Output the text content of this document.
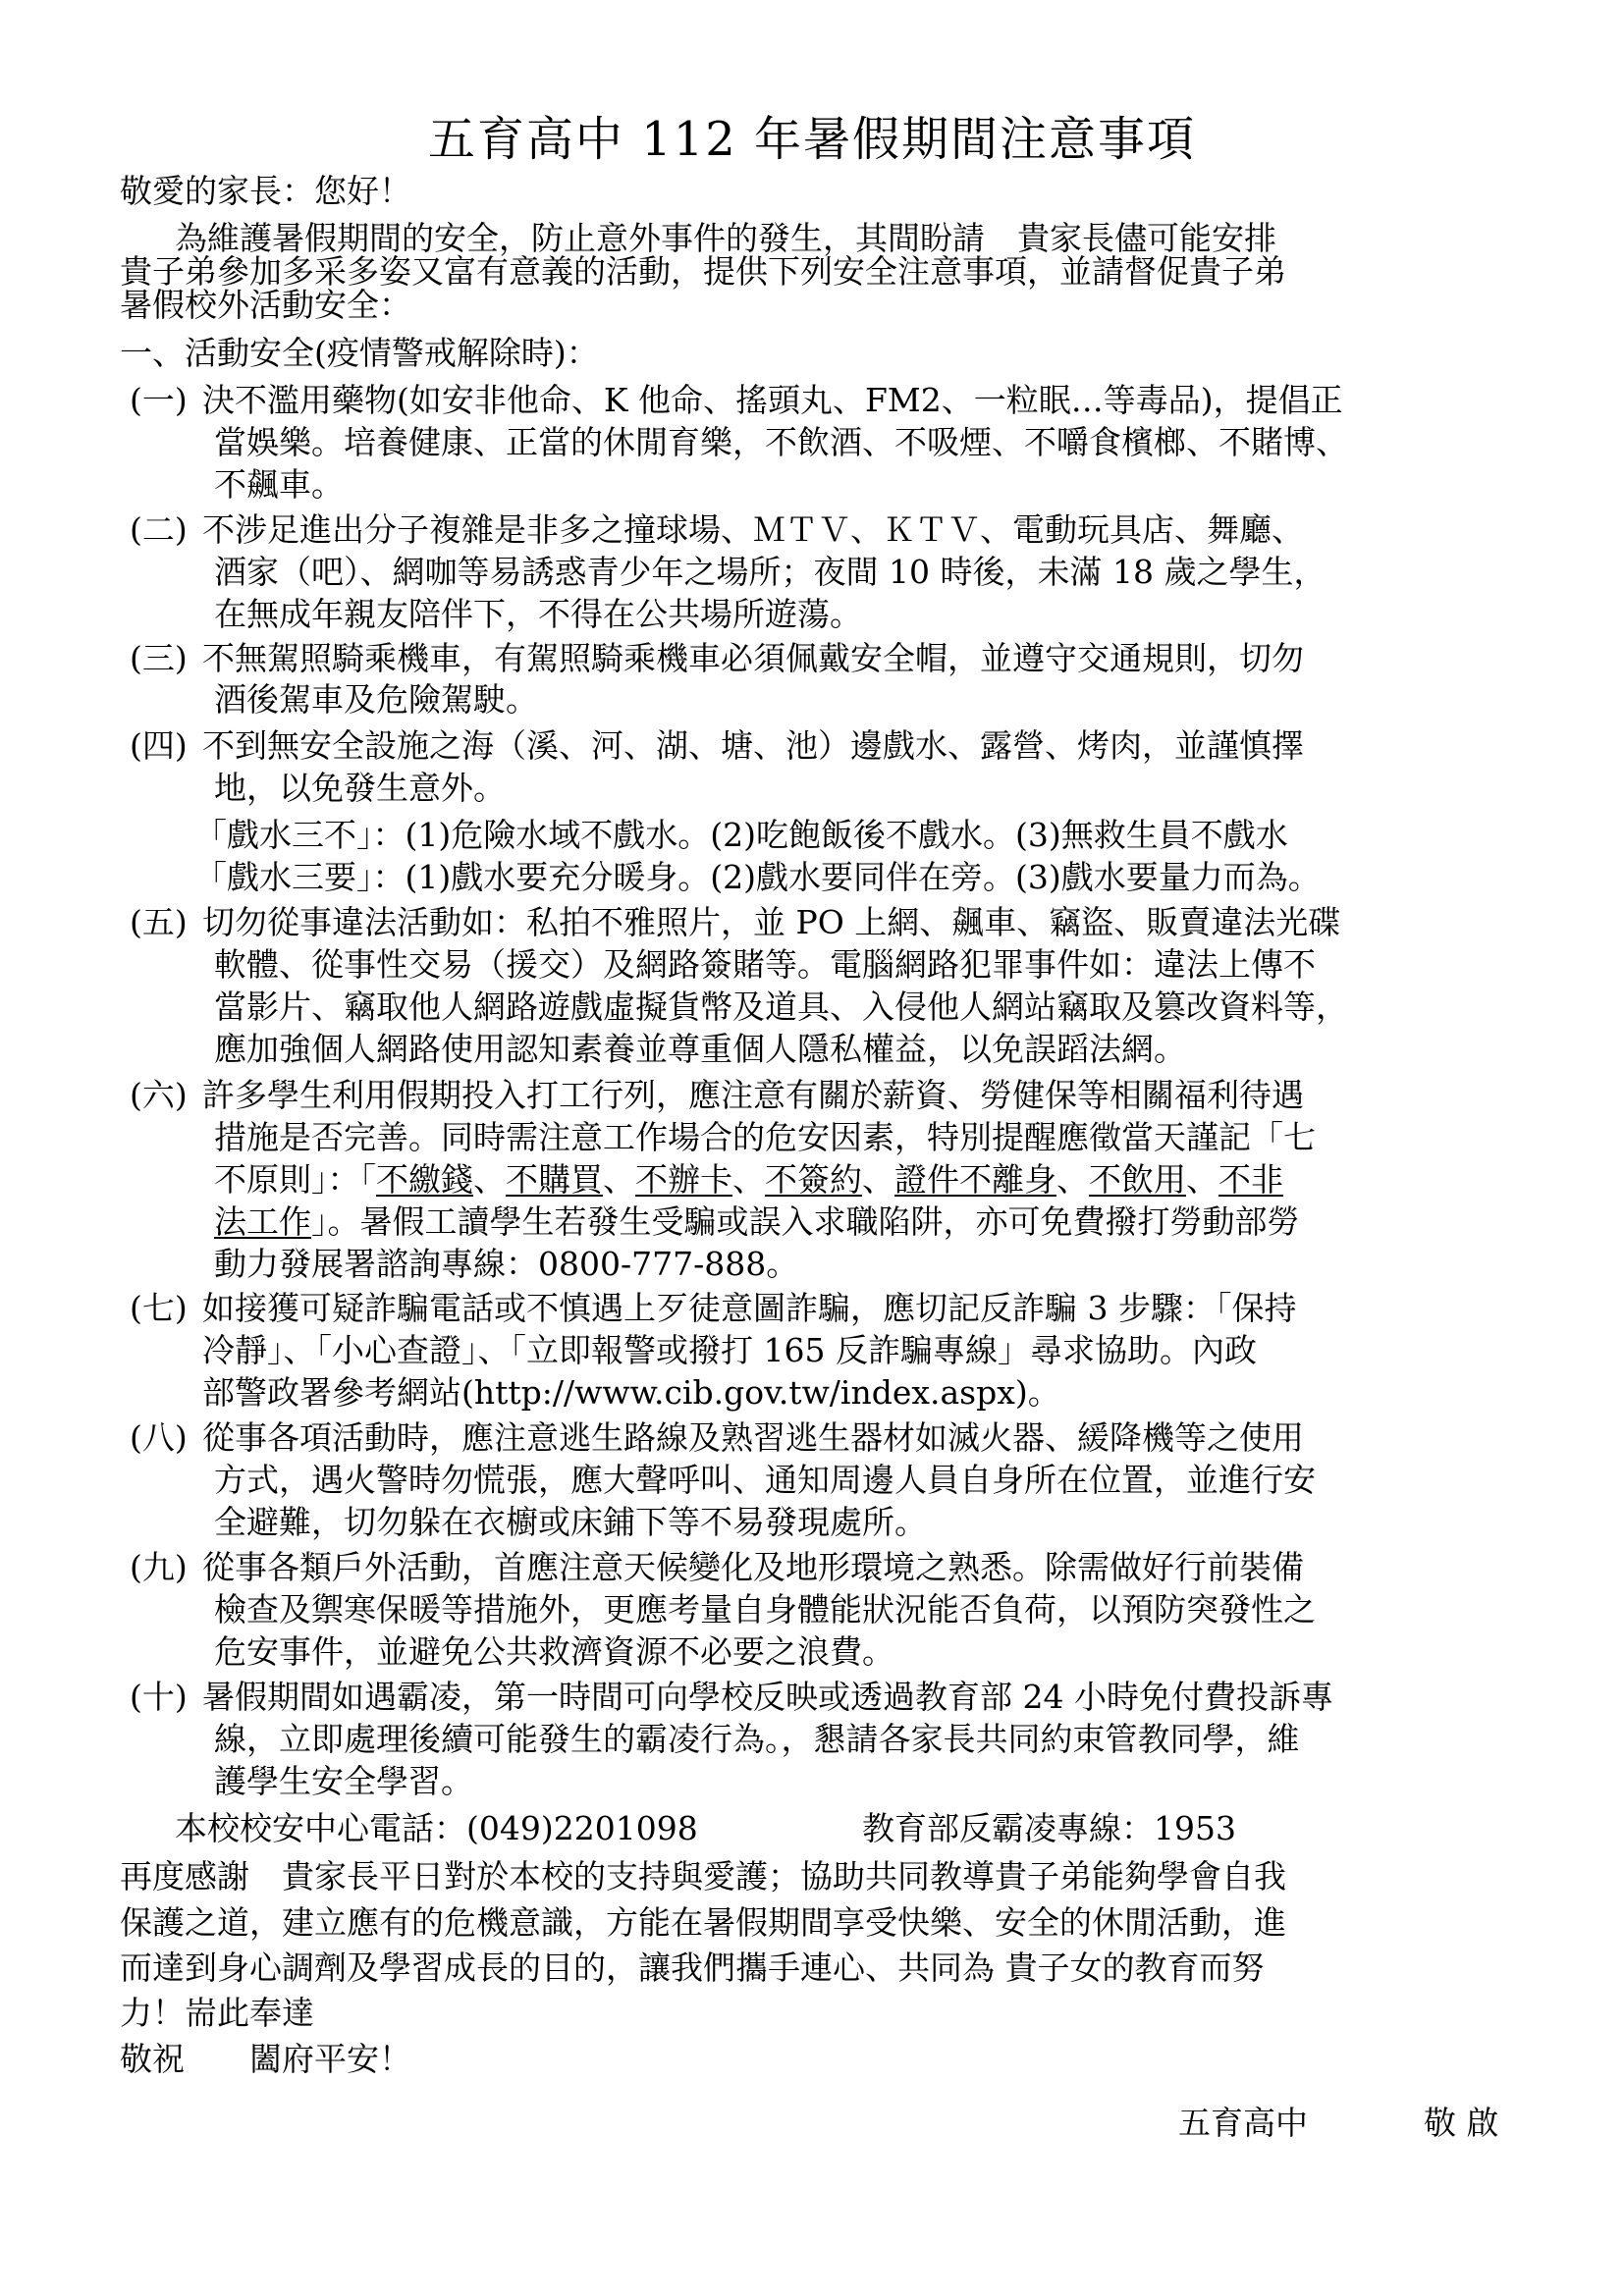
五育高中 112 年暑假期間注意事項
敬愛的家長：您好！
為維護暑假期間的安全，防止意外事件的發生，其間盼請　貴家長儘可能安排
貴子弟參加多采多姿又富有意義的活動，提供下列安全注意事項，並請督促貴子弟
暑假校外活動安全：
一、活動安全(疫情警戒解除時)：
(一) 決不濫用藥物(如安非他命、K 他命、搖頭丸、FM2、一粒眠…等毒品)，提倡正
當娛樂。培養健康、正當的休閒育樂，不飲酒、不吸煙、不嚼食檳榔、不賭博、
不飆車。
(二) 不涉足進出分子複雜是非多之撞球場、ＭＴＶ、ＫＴＶ、電動玩具店、舞廳、
酒家（吧）、網咖等易誘惑青少年之場所；夜間 10 時後，未滿 18 歲之學生，
在無成年親友陪伴下，不得在公共場所遊蕩。
(三) 不無駕照騎乘機車，有駕照騎乘機車必須佩戴安全帽，並遵守交通規則，切勿
酒後駕車及危險駕駛。
(四) 不到無安全設施之海（溪、河、湖、塘、池）邊戲水、露營、烤肉，並謹慎擇
地，以免發生意外。
「戲水三不」：(1)危險水域不戲水。(2)吃飽飯後不戲水。(3)無救生員不戲水
「戲水三要」：(1)戲水要充分暖身。(2)戲水要同伴在旁。(3)戲水要量力而為。
(五) 切勿從事違法活動如：私拍不雅照片，並 PO 上網、飆車、竊盜、販賣違法光碟
軟體、從事性交易（援交）及網路簽賭等。電腦網路犯罪事件如：違法上傳不
當影片、竊取他人網路遊戲虛擬貨幣及道具、入侵他人網站竊取及篡改資料等，
應加強個人網路使用認知素養並尊重個人隱私權益，以免誤蹈法網。
(六) 許多學生利用假期投入打工行列，應注意有關於薪資、勞健保等相關福利待遇
措施是否完善。同時需注意工作場合的危安因素，特別提醒應徵當天謹記「七
不原則」：「不繳錢、不購買、不辦卡、不簽約、證件不離身、不飲用、不非
法工作」。暑假工讀學生若發生受騙或誤入求職陷阱，亦可免費撥打勞動部勞
動力發展署諮詢專線：0800-777-888。
(七) 如接獲可疑詐騙電話或不慎遇上歹徒意圖詐騙，應切記反詐騙 3 步驟：「保持
冷靜」、「小心查證」、「立即報警或撥打 165 反詐騙專線」尋求協助。內政
部警政署參考網站(http://www.cib.gov.tw/index.aspx)。
(八) 從事各項活動時，應注意逃生路線及熟習逃生器材如滅火器、緩降機等之使用
方式，遇火警時勿慌張，應大聲呼叫、通知周邊人員自身所在位置，並進行安
全避難，切勿躲在衣櫥或床鋪下等不易發現處所。
(九) 從事各類戶外活動，首應注意天候變化及地形環境之熟悉。除需做好行前裝備
檢查及禦寒保暖等措施外，更應考量自身體能狀況能否負荷，以預防突發性之
危安事件，並避免公共救濟資源不必要之浪費。
(十) 暑假期間如遇霸凌，第一時間可向學校反映或透過教育部 24 小時免付費投訴專
線，立即處理後續可能發生的霸凌行為。，懇請各家長共同約束管教同學，維
護學生安全學習。
本校校安中心電話：(049)2201098	教育部反霸凌專線：1953
再度感謝　貴家長平日對於本校的支持與愛護；協助共同教導貴子弟能夠學會自我
保護之道，建立應有的危機意識，方能在暑假期間享受快樂、安全的休閒活動，進
而達到身心調劑及學習成長的目的，讓我們攜手連心、共同為 貴子女的教育而努
力！耑此奉達
敬祝　　闔府平安！
五育高中	敬 啟
